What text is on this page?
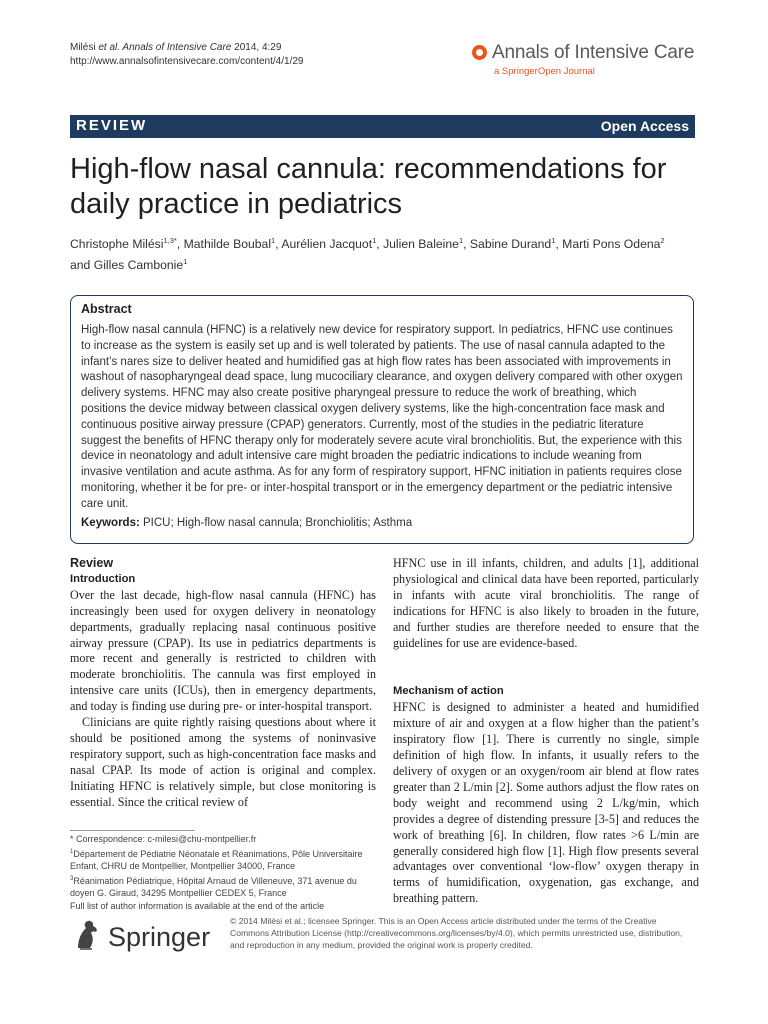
Milési et al. Annals of Intensive Care 2014, 4:29
http://www.annalsofintensivecare.com/content/4/1/29	Annals of Intensive Care
a SpringerOpen Journal
REVIEW	Open Access
High-flow nasal cannula: recommendations for daily practice in pediatrics
Christophe Milési$^{1,3*}$, Mathilde Boubal$^1$, Aurélien Jacquot$^1$, Julien Baleine$^1$, Sabine Durand$^1$, Marti Pons Odena$^2$
and Gilles Cambonie$^1$
Abstract
High-flow nasal cannula (HFNC) is a relatively new device for respiratory support. In pediatrics, HFNC use continues to increase as the system is easily set up and is well tolerated by patients. The use of nasal cannula adapted to the infant’s nares size to deliver heated and humidified gas at high flow rates has been associated with improvements in washout of nasopharyngeal dead space, lung mucociliary clearance, and oxygen delivery compared with other oxygen delivery systems. HFNC may also create positive pharyngeal pressure to reduce the work of breathing, which positions the device midway between classical oxygen delivery systems, like the high-concentration face mask and continuous positive airway pressure (CPAP) generators. Currently, most of the studies in the pediatric literature suggest the benefits of HFNC therapy only for moderately severe acute viral bronchiolitis. But, the experience with this device in neonatology and adult intensive care might broaden the pediatric indications to include weaning from invasive ventilation and acute asthma. As for any form of respiratory support, HFNC initiation in patients requires close monitoring, whether it be for pre- or inter-hospital transport or in the emergency department or the pediatric intensive care unit.
Keywords: PICU; High-flow nasal cannula; Bronchiolitis; Asthma
Review
Introduction

Over the last decade, high-flow nasal cannula (HFNC) has increasingly been used for oxygen delivery in neonatology departments, gradually replacing nasal continuous positive airway pressure (CPAP). Its use in pediatrics departments is more recent and generally is restricted to children with moderate bronchiolitis. The cannula was first employed in intensive care units (ICUs), then in emergency departments, and today is finding use during pre- or inter-hospital transport.

Clinicians are quite rightly raising questions about where it should be positioned among the systems of noninvasive respiratory support, such as high-concentration face masks and nasal CPAP. Its mode of action is original and complex. Initiating HFNC is relatively simple, but close monitoring is essential. Since the critical review of

HFNC use in ill infants, children, and adults [1], additional physiological and clinical data have been reported, particularly in infants with acute viral bronchiolitis. The range of indications for HFNC is also likely to broaden in the future, and further studies are therefore needed to ensure that the guidelines for use are evidence-based.

Mechanism of action

HFNC is designed to administer a heated and humidified mixture of air and oxygen at a flow higher than the patient’s inspiratory flow [1]. There is currently no single, simple definition of high flow. In infants, it usually refers to the delivery of oxygen or an oxygen/room air blend at flow rates greater than 2 L/min [2]. Some authors adjust the flow rates on body weight and recommend using 2 L/kg/min, which provides a degree of distending pressure [3-5] and reduces the work of breathing [6]. In children, flow rates >6 L/min are generally considered high flow [1]. High flow presents several advantages over conventional ‘low-flow’ oxygen therapy in terms of humidification, oxygenation, gas exchange, and breathing pattern.

* Correspondence: c-milesi@chu-montpellier.fr
$^1$Département de Pédiatrie Néonatale et Réanimations, Pôle Universitaire Enfant, CHRU de Montpellier, Montpellier 34000, France
$^3$Réanimation Pédiatrique, Hôpital Arnaud de Villeneuve, 371 avenue du doyen G. Giraud, 34295 Montpellier CEDEX 5, France
Full list of author information is available at the end of the article
Springer
© 2014 Milési et al.; licensee Springer. This is an Open Access article distributed under the terms of the Creative Commons Attribution License (http://creativecommons.org/licenses/by/4.0), which permits unrestricted use, distribution, and reproduction in any medium, provided the original work is properly credited.
